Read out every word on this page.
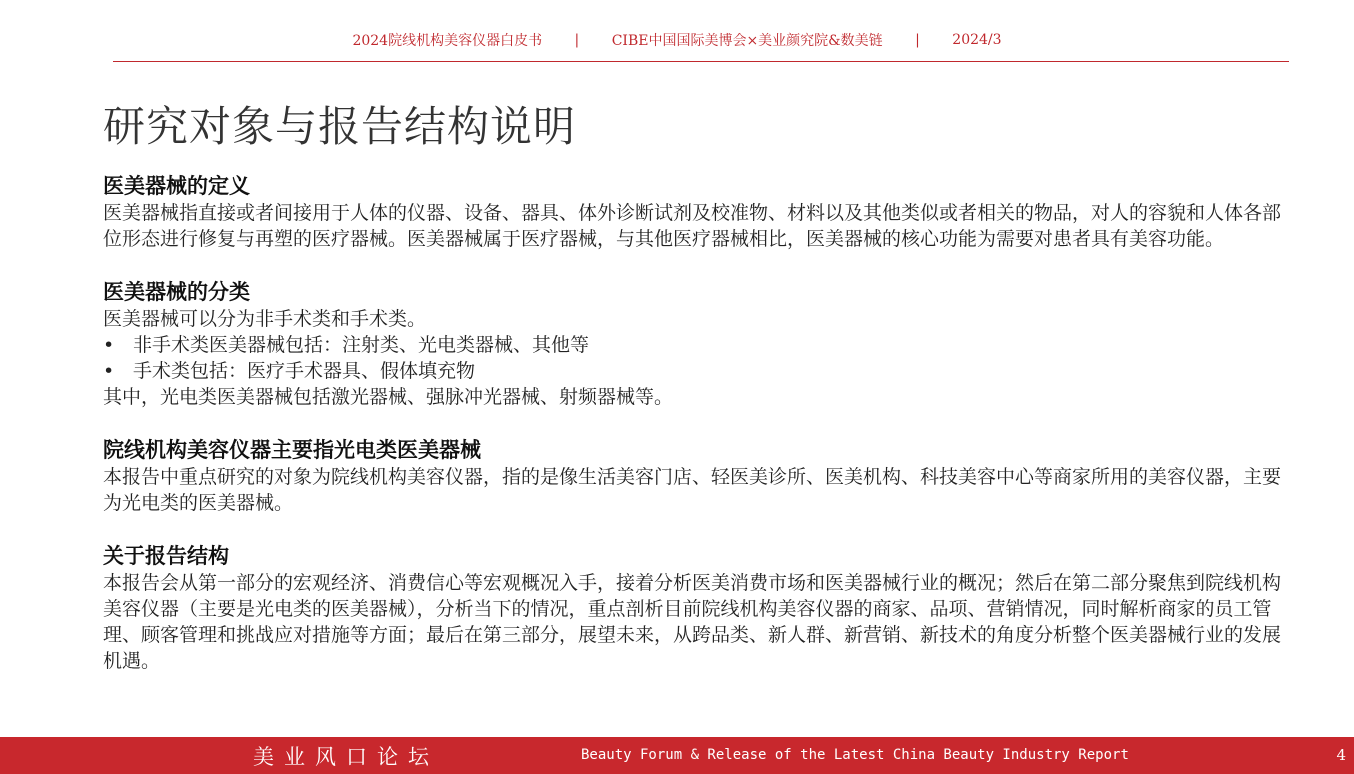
2024院线机构美容仪器白皮书 | CIBE中国国际美博会×美业颜究院&数美链 | 2024/3
研究对象与报告结构说明
医美器械的定义

医美器械指直接或者间接用于人体的仪器、设备、器具、体外诊断试剂及校准物、材料以及其他类似或者相关的物品，对人的容貌和人体各部位形态进行修复与再塑的医疗器械。医美器械属于医疗器械，与其他医疗器械相比，医美器械的核心功能为需要对患者具有美容功能。

医美器械的分类

医美器械可以分为非手术类和手术类。

• 非手术类医美器械包括：注射类、光电类器械、其他等
• 手术类包括：医疗手术器具、假体填充物

其中，光电类医美器械包括激光器械、强脉冲光器械、射频器械等。

院线机构美容仪器主要指光电类医美器械

本报告中重点研究的对象为院线机构美容仪器，指的是像生活美容门店、轻医美诊所、医美机构、科技美容中心等商家所用的美容仪器，主要为光电类的医美器械。

关于报告结构

本报告会从第一部分的宏观经济、消费信心等宏观概况入手，接着分析医美消费市场和医美器械行业的概况；然后在第二部分聚焦到院线机构美容仪器（主要是光电类的医美器械），分析当下的情况，重点剖析目前院线机构美容仪器的商家、品项、营销情况，同时解析商家的员工管理、顾客管理和挑战应对措施等方面；最后在第三部分，展望未来，从跨品类、新人群、新营销、新技术的角度分析整个医美器械行业的发展机遇。

美业风口论坛	Beauty Forum & Release of the Latest China Beauty Industry Report	4
